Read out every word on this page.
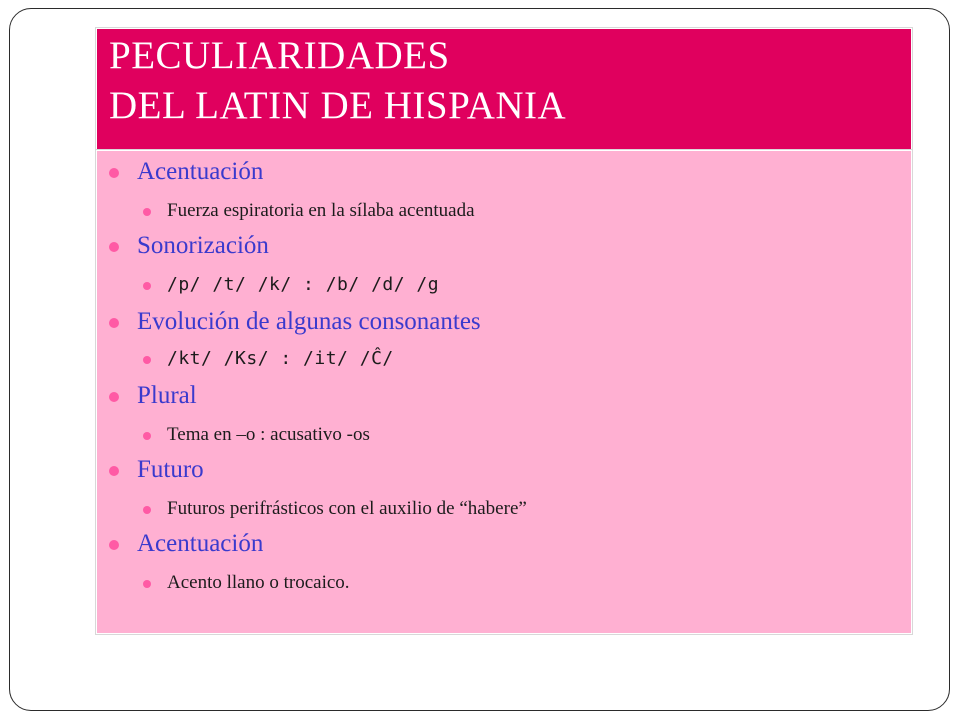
PECULIARIDADES
DEL LATIN DE HISPANIA
Acentuación
Fuerza espiratoria en la sílaba acentuada
Sonorización
/p/ /t/ /k/ : /b/ /d/ /g
Evolución de algunas consonantes
/kt/ /Ks/ : /it/ /Ĉ/
Plural
Tema en –o : acusativo -os
Futuro
Futuros perifrásticos con el auxilio de “habere”
Acentuación
Acento llano o trocaico.
